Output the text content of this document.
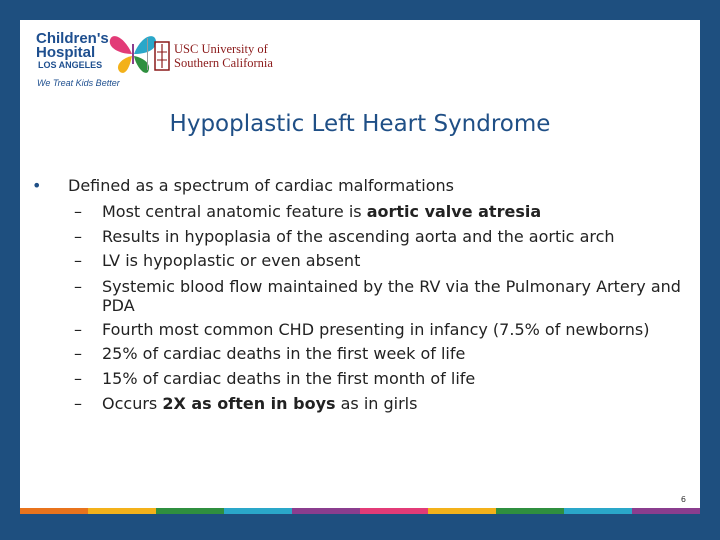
Children's
Hospital
LOS ANGELES
We Treat Kids Better
USC University of
Southern California
Hypoplastic Left Heart Syndrome
• Defined as a spectrum of cardiac malformations
– Most central anatomic feature is aortic valve atresia
– Results in hypoplasia of the ascending aorta and the aortic arch
– LV is hypoplastic or even absent
– Systemic blood flow maintained by the RV via the Pulmonary Artery and PDA
– Fourth most common CHD presenting in infancy (7.5% of newborns)
– 25% of cardiac deaths in the first week of life
– 15% of cardiac deaths in the first month of life
– Occurs 2X as often in boys as in girls
6
